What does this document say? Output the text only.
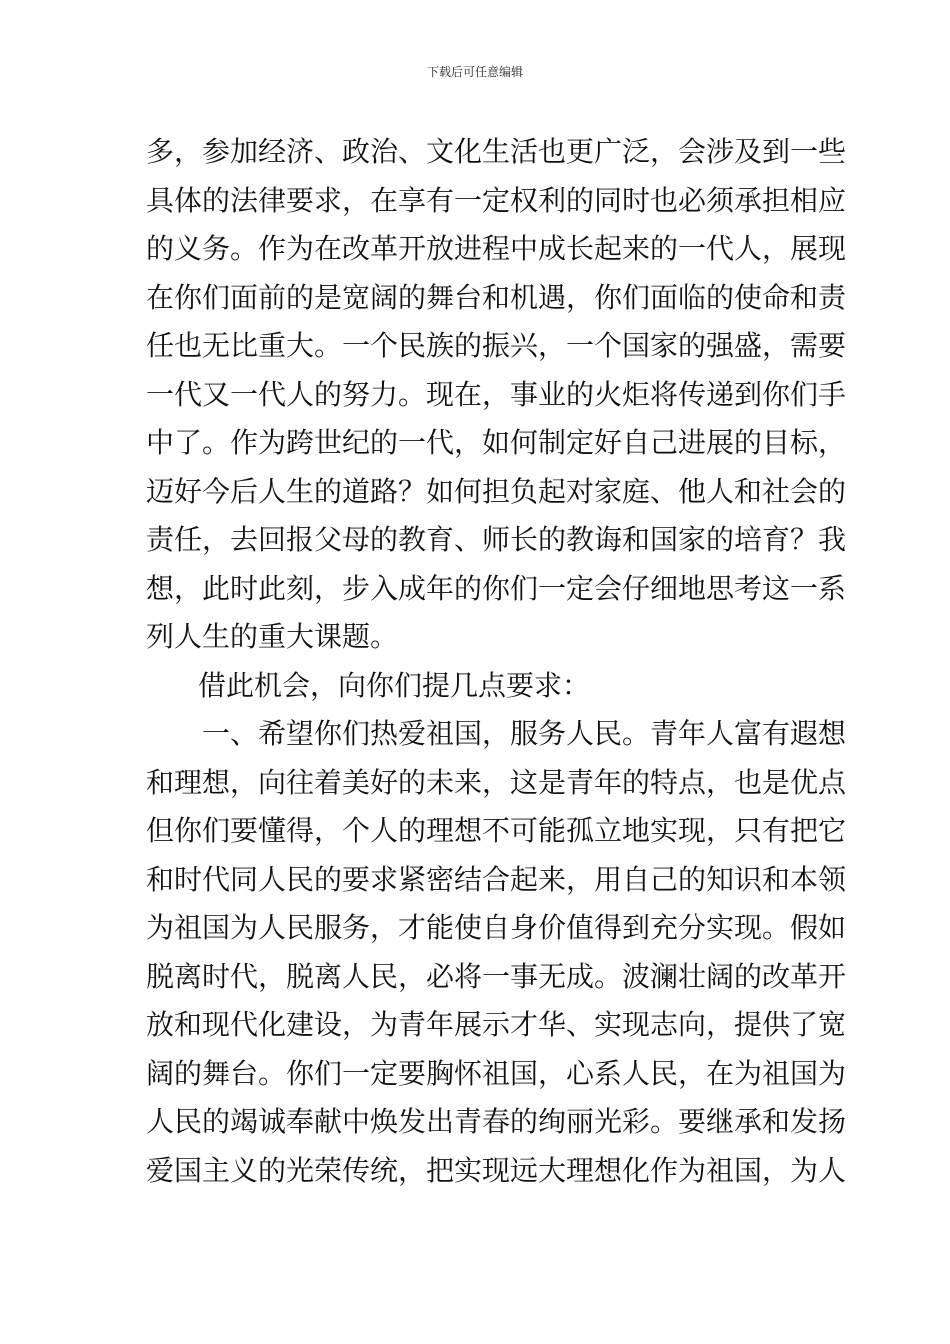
下载后可任意编辑
多，参加经济、政治、文化生活也更广泛，会涉及到一些
具体的法律要求，在享有一定权利的同时也必须承担相应
的义务。作为在改革开放进程中成长起来的一代人，展现
在你们面前的是宽阔的舞台和机遇，你们面临的使命和责
任也无比重大。一个民族的振兴，一个国家的强盛，需要
一代又一代人的努力。现在，事业的火炬将传递到你们手
中了。作为跨世纪的一代，如何制定好自己进展的目标，
迈好今后人生的道路？如何担负起对家庭、他人和社会的
责任，去回报父母的教育、师长的教诲和国家的培育？我
想，此时此刻，步入成年的你们一定会仔细地思考这一系
列人生的重大课题。
借此机会，向你们提几点要求：
一、希望你们热爱祖国，服务人民。青年人富有遐想
和理想，向往着美好的未来，这是青年的特点，也是优点
但你们要懂得，个人的理想不可能孤立地实现，只有把它
和时代同人民的要求紧密结合起来，用自己的知识和本领
为祖国为人民服务，才能使自身价值得到充分实现。假如
脱离时代，脱离人民，必将一事无成。波澜壮阔的改革开
放和现代化建设，为青年展示才华、实现志向，提供了宽
阔的舞台。你们一定要胸怀祖国，心系人民，在为祖国为
人民的竭诚奉献中焕发出青春的绚丽光彩。要继承和发扬
爱国主义的光荣传统，把实现远大理想化作为祖国，为人
